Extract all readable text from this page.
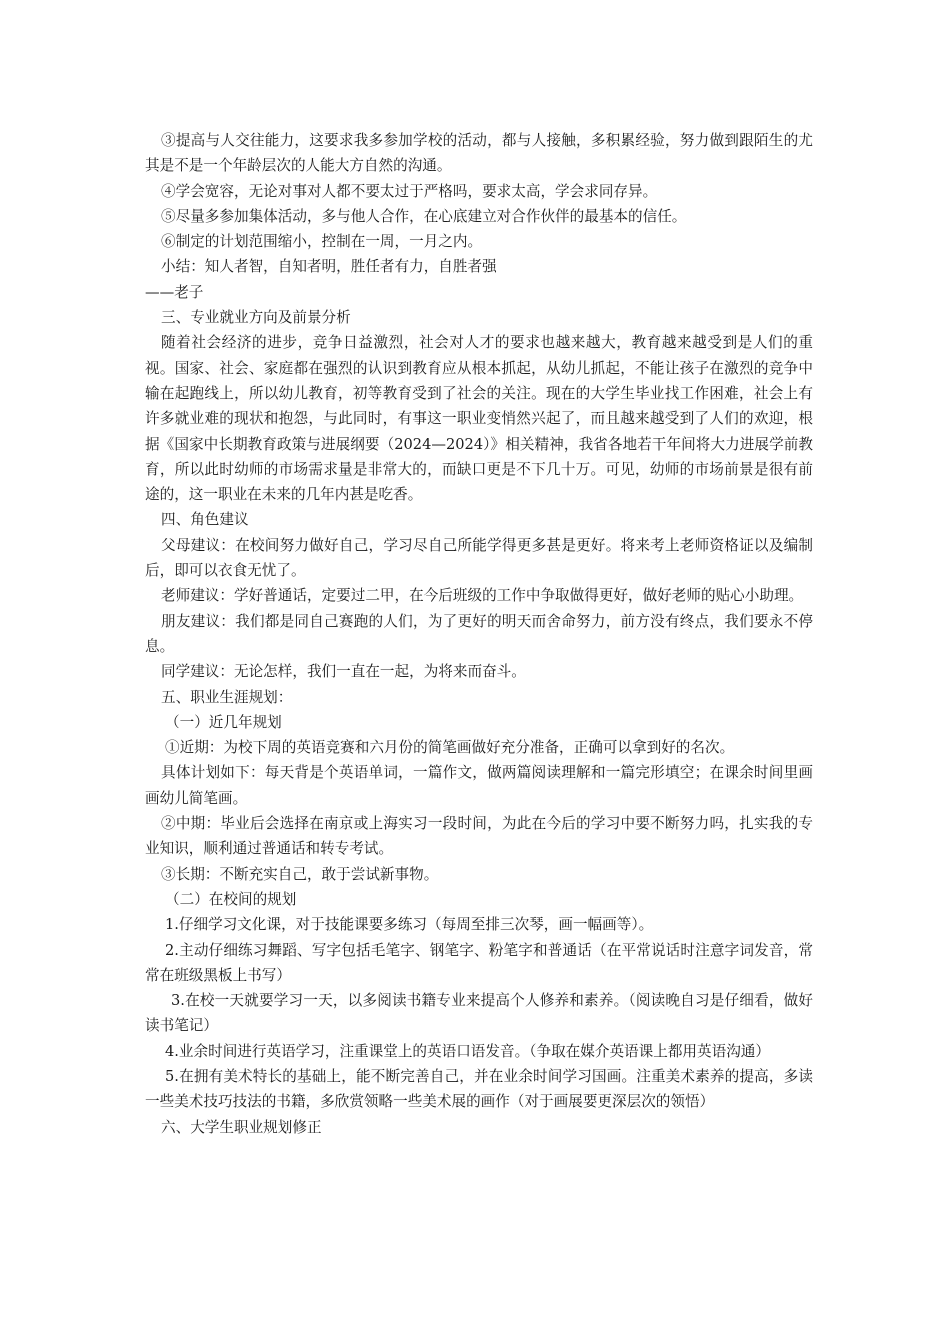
③提高与人交往能力，这要求我多参加学校的活动，都与人接触，多积累经验，努力做到跟陌生的尤其是不是一个年龄层次的人能大方自然的沟通。

④学会宽容，无论对事对人都不要太过于严格吗，要求太高，学会求同存异。

⑤尽量多参加集体活动，多与他人合作，在心底建立对合作伙伴的最基本的信任。

⑥制定的计划范围缩小，控制在一周，一月之内。

小结：知人者智，自知者明，胜任者有力，自胜者强

——老子

三、专业就业方向及前景分析

随着社会经济的进步，竞争日益激烈，社会对人才的要求也越来越大，教育越来越受到是人们的重视。国家、社会、家庭都在强烈的认识到教育应从根本抓起，从幼儿抓起，不能让孩子在激烈的竞争中输在起跑线上，所以幼儿教育，初等教育受到了社会的关注。现在的大学生毕业找工作困难，社会上有许多就业难的现状和抱怨，与此同时，有事这一职业变悄然兴起了，而且越来越受到了人们的欢迎，根据《国家中长期教育政策与进展纲要（2024—2024）》相关精神，我省各地若干年间将大力进展学前教育，所以此时幼师的市场需求量是非常大的，而缺口更是不下几十万。可见，幼师的市场前景是很有前途的，这一职业在未来的几年内甚是吃香。

四、角色建议

父母建议：在校间努力做好自己，学习尽自己所能学得更多甚是更好。将来考上老师资格证以及编制后，即可以衣食无忧了。

老师建议：学好普通话，定要过二甲，在今后班级的工作中争取做得更好，做好老师的贴心小助理。

朋友建议：我们都是同自己赛跑的人们，为了更好的明天而舍命努力，前方没有终点，我们要永不停息。

同学建议：无论怎样，我们一直在一起，为将来而奋斗。

五、职业生涯规划：

（一）近几年规划

①近期：为校下周的英语竞赛和六月份的简笔画做好充分准备，正确可以拿到好的名次。

具体计划如下：每天背是个英语单词，一篇作文，做两篇阅读理解和一篇完形填空；在课余时间里画画幼儿简笔画。

②中期：毕业后会选择在南京或上海实习一段时间，为此在今后的学习中要不断努力吗，扎实我的专业知识，顺利通过普通话和转专考试。

③长期：不断充实自己，敢于尝试新事物。

（二）在校间的规划

1.仔细学习文化课，对于技能课要多练习（每周至排三次琴，画一幅画等）。

2.主动仔细练习舞蹈、写字包括毛笔字、钢笔字、粉笔字和普通话（在平常说话时注意字词发音，常常在班级黑板上书写）

3.在校一天就要学习一天，以多阅读书籍专业来提高个人修养和素养。（阅读晚自习是仔细看，做好读书笔记）

4.业余时间进行英语学习，注重课堂上的英语口语发音。（争取在媒介英语课上都用英语沟通）

5.在拥有美术特长的基础上，能不断完善自己，并在业余时间学习国画。注重美术素养的提高，多读一些美术技巧技法的书籍，多欣赏领略一些美术展的画作（对于画展要更深层次的领悟）

六、大学生职业规划修正
